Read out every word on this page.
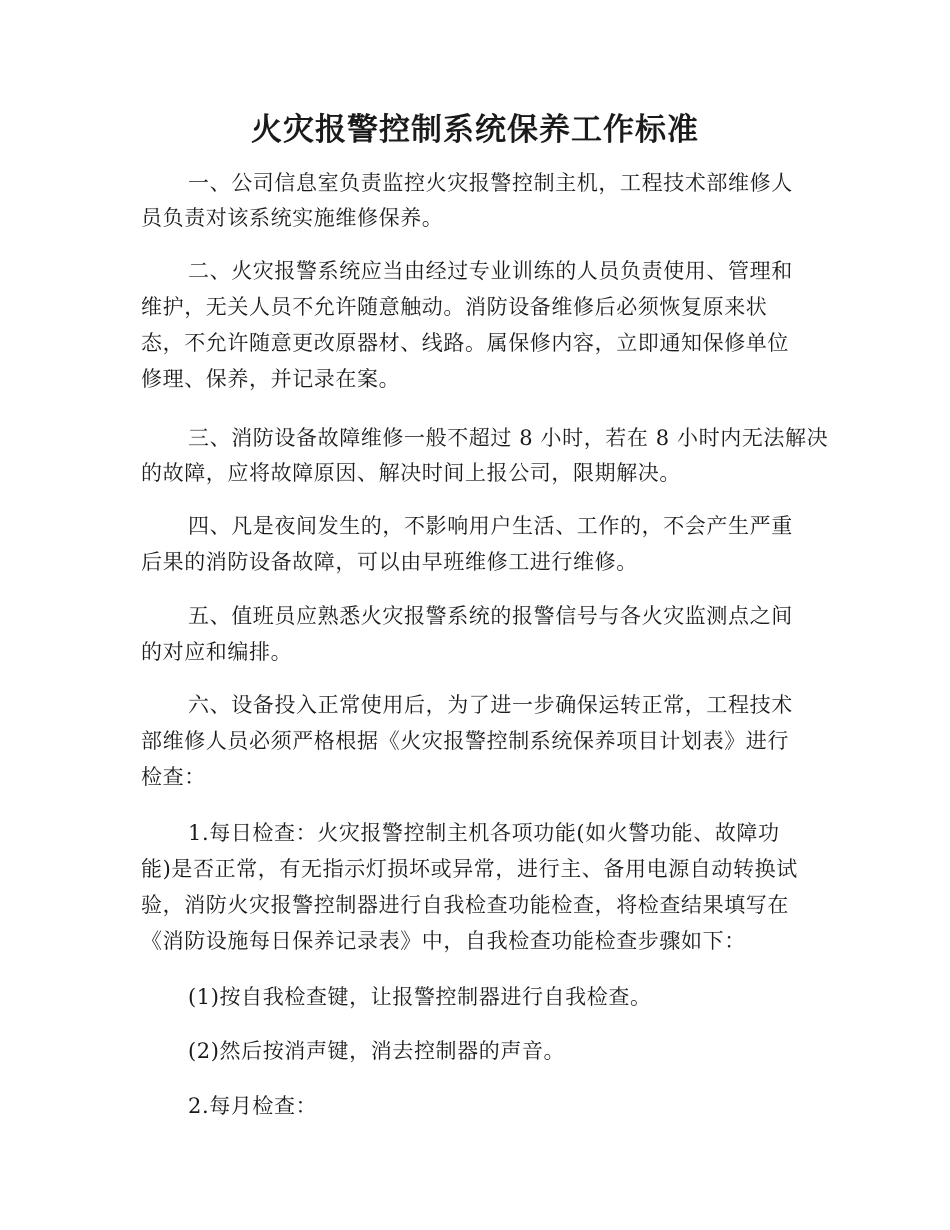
火灾报警控制系统保养工作标准
一、公司信息室负责监控火灾报警控制主机，工程技术部维修人
员负责对该系统实施维修保养。
二、火灾报警系统应当由经过专业训练的人员负责使用、管理和
维护，无关人员不允许随意触动。消防设备维修后必须恢复原来状
态，不允许随意更改原器材、线路。属保修内容，立即通知保修单位
修理、保养，并记录在案。
三、消防设备故障维修一般不超过 8 小时，若在 8 小时内无法解决
的故障，应将故障原因、解决时间上报公司，限期解决。
四、凡是夜间发生的，不影响用户生活、工作的，不会产生严重
后果的消防设备故障，可以由早班维修工进行维修。
五、值班员应熟悉火灾报警系统的报警信号与各火灾监测点之间
的对应和编排。
六、设备投入正常使用后，为了进一步确保运转正常，工程技术
部维修人员必须严格根据《火灾报警控制系统保养项目计划表》进行
检查：
1.每日检查：火灾报警控制主机各项功能(如火警功能、故障功
能)是否正常，有无指示灯损坏或异常，进行主、备用电源自动转换试
验，消防火灾报警控制器进行自我检查功能检查，将检查结果填写在
《消防设施每日保养记录表》中，自我检查功能检查步骤如下：
(1)按自我检查键，让报警控制器进行自我检查。
(2)然后按消声键，消去控制器的声音。
2.每月检查：
